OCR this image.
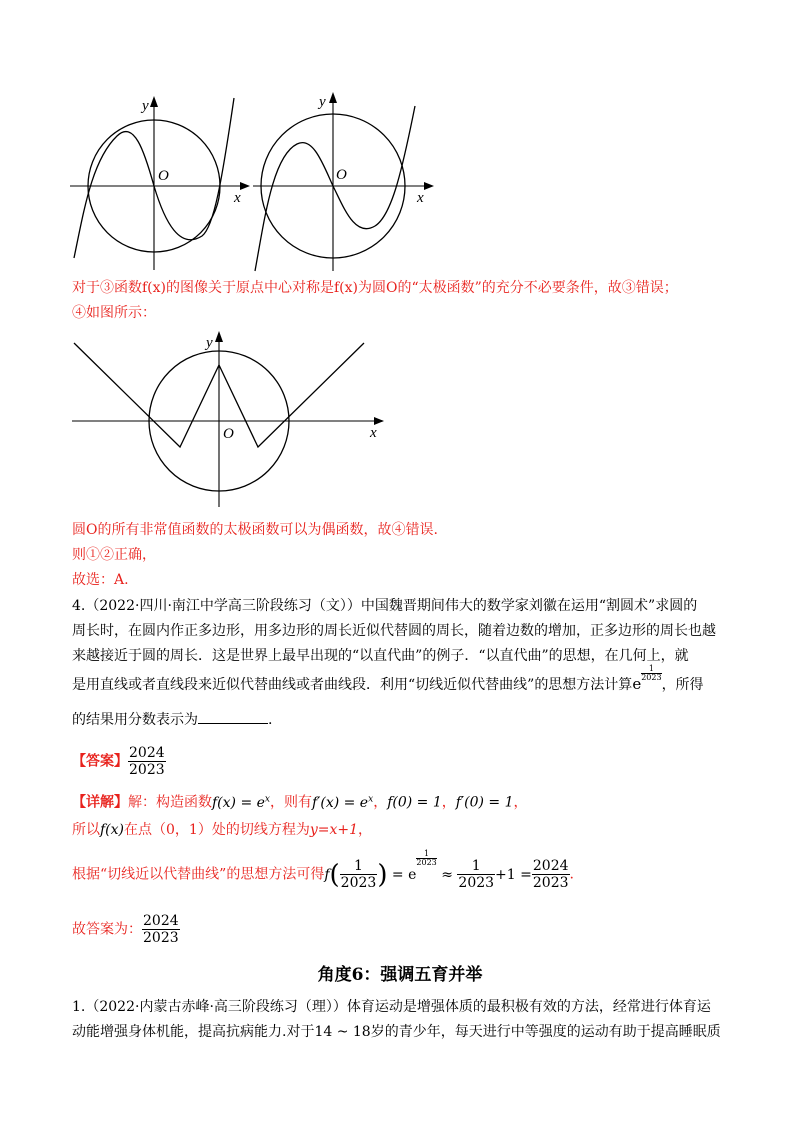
y
x
O
y
x
O
对于③函数f(x)的图像关于原点中心对称是f(x)为圆O的“太极函数”的充分不必要条件，故③错误；
④如图所示：
y
x
O
圆O的所有非常值函数的太极函数可以为偶函数，故④错误.
则①②正确，
故选：A.
4.（2022·四川·南江中学高三阶段练习（文））中国魏晋期间伟大的数学家刘徽在运用“割圆术”求圆的
周长时，在圆内作正多边形，用多边形的周长近似代替圆的周长，随着边数的增加，正多边形的周长也越
来越接近于圆的周长．这是世界上最早出现的“以直代曲”的例子．“以直代曲”的思想，在几何上，就
是用直线或者直线段来近似代替曲线或者曲线段．利用“切线近似代替曲线”的思想方法计算e
$\frac{1}{2023}$
，所得
的结果用分数表示为	.
【答案】 $\frac{2024}{2023}$
【详解】解：构造函数$f(x) = e^x$，则有$f'(x) = e^x$，f(0) = 1，f′(0) = 1，
所以f(x)在点（0，1）处的切线方程为y=x+1，
根据“切线近以代替曲线”的思想方法可得$f( \frac{1}{2023}$ ) = e
$\frac{1}{2023}$
≈ $\frac{1}{2023} +1 = \frac{2024}{2023}$ .
故答案为： $\frac{2024}{2023}$
角度6：强调五育并举
1.（2022·内蒙古赤峰·高三阶段练习（理））体育运动是增强体质的最积极有效的方法，经常进行体育运
动能增强身体机能，提高抗病能力.对于14 ~ 18岁的青少年，每天进行中等强度的运动有助于提高睡眠质
